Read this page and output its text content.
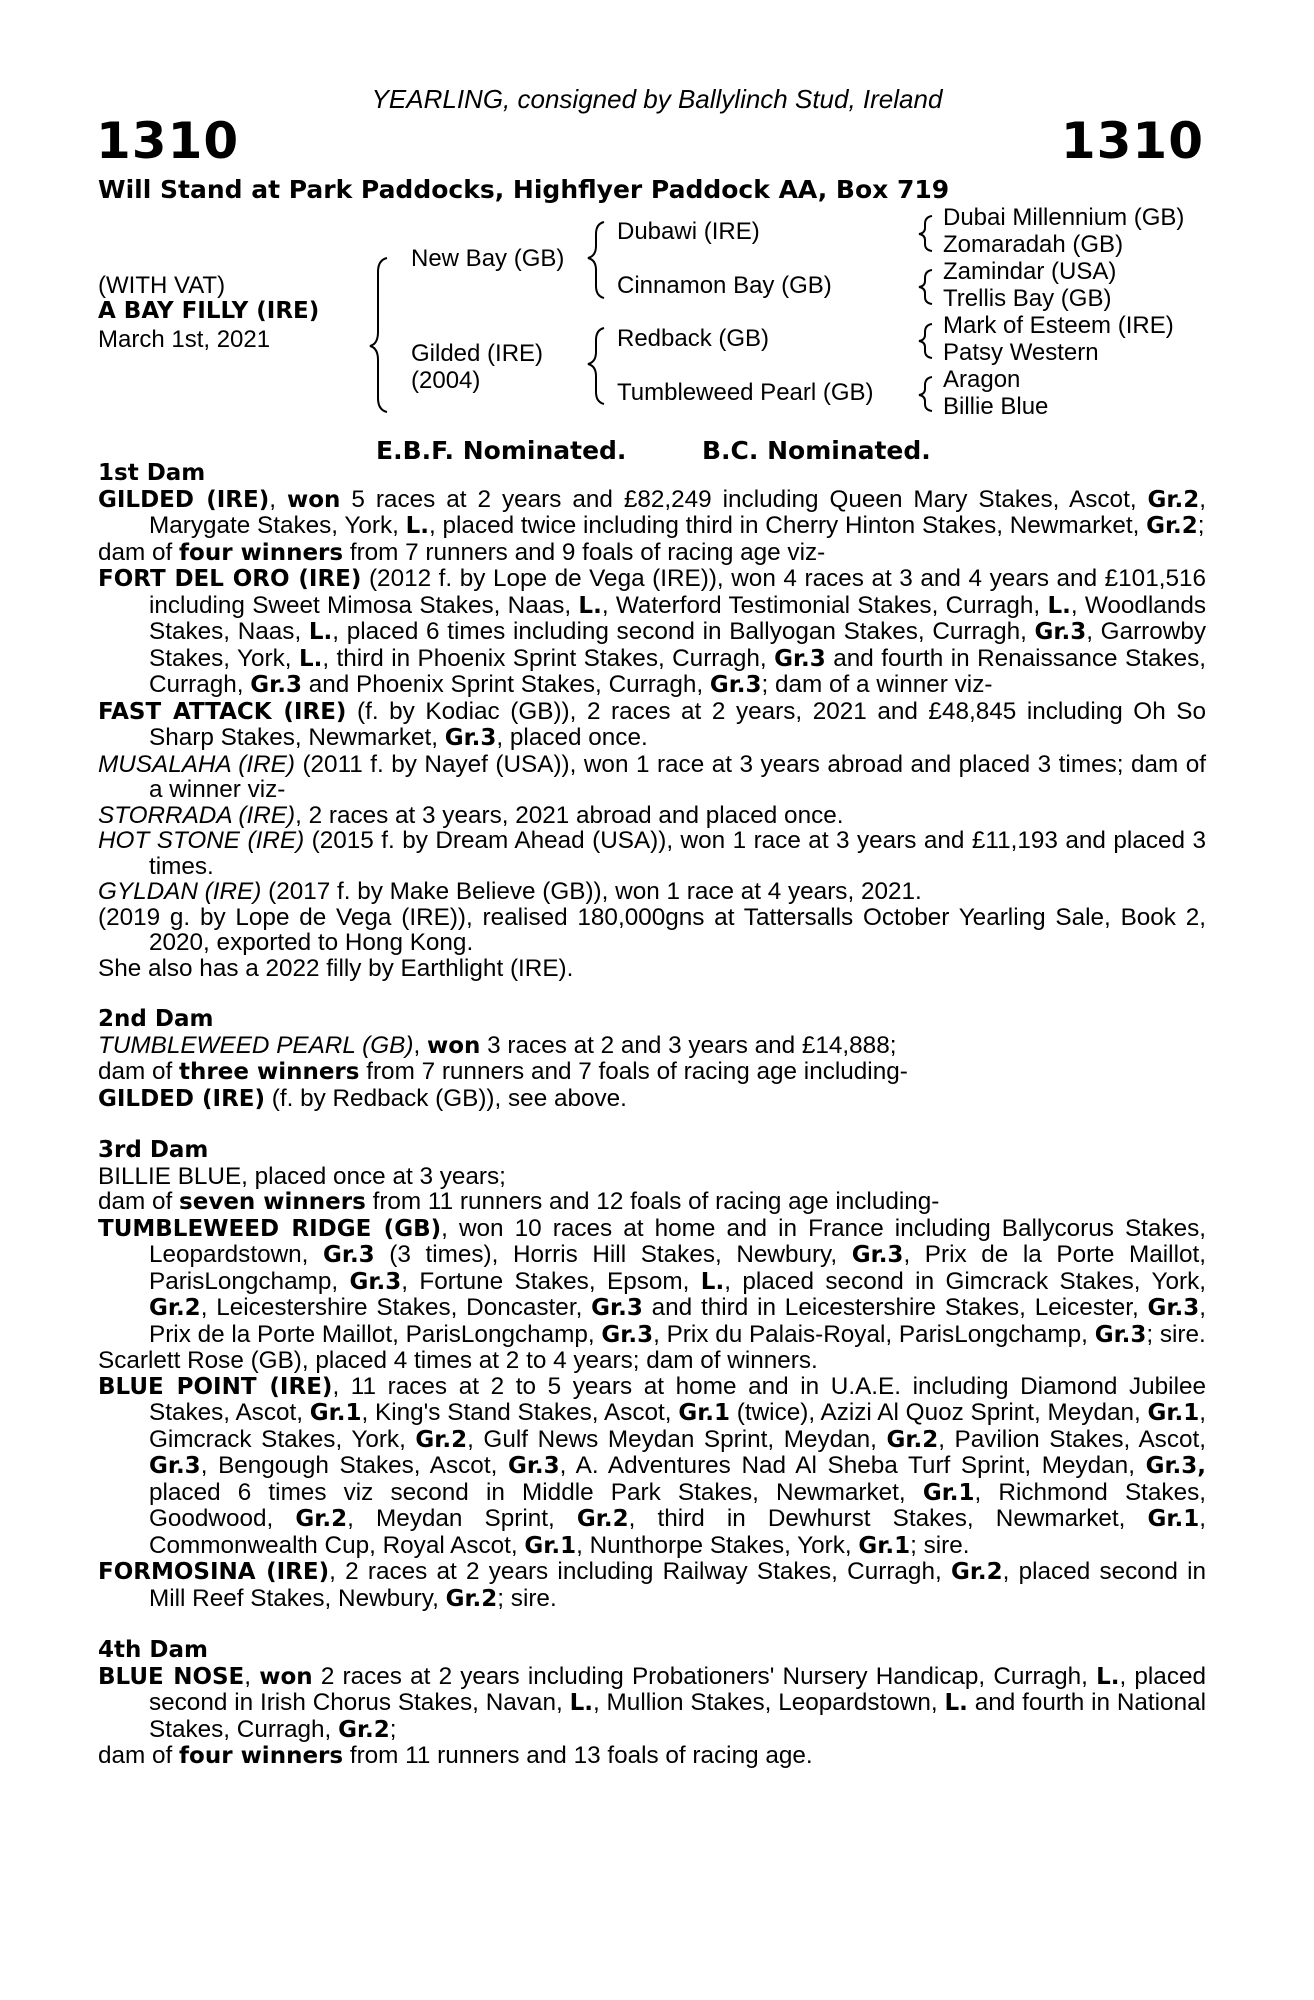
YEARLING, consigned by Ballylinch Stud, Ireland
1310	1310
Will Stand at Park Paddocks, Highflyer Paddock AA, Box 719
(WITH VAT)
A BAY FILLY (IRE)
March 1st, 2021
New Bay (GB)
Gilded (IRE)
(2004)
Dubawi (IRE)
Cinnamon Bay (GB)
Redback (GB)
Tumbleweed Pearl (GB)
Dubai Millennium (GB)
Zomaradah (GB)
Zamindar (USA)
Trellis Bay (GB)
Mark of Esteem (IRE)
Patsy Western
Aragon
Billie Blue
E.B.F. Nominated.	B.C. Nominated.

1st Dam

GILDED (IRE), won 5 races at 2 years and £82,249 including Queen Mary Stakes, Ascot, Gr.2, Marygate Stakes, York, L., placed twice including third in Cherry Hinton Stakes, Newmarket, Gr.2;

dam of four winners from 7 runners and 9 foals of racing age viz-

FORT DEL ORO (IRE) (2012 f. by Lope de Vega (IRE)), won 4 races at 3 and 4 years and £101,516 including Sweet Mimosa Stakes, Naas, L., Waterford Testimonial Stakes, Curragh, L., Woodlands Stakes, Naas, L., placed 6 times including second in Ballyogan Stakes, Curragh, Gr.3, Garrowby Stakes, York, L., third in Phoenix Sprint Stakes, Curragh, Gr.3 and fourth in Renaissance Stakes, Curragh, Gr.3 and Phoenix Sprint Stakes, Curragh, Gr.3; dam of a winner viz-

FAST ATTACK (IRE) (f. by Kodiac (GB)), 2 races at 2 years, 2021 and £48,845 including Oh So Sharp Stakes, Newmarket, Gr.3, placed once.

MUSALAHA (IRE) (2011 f. by Nayef (USA)), won 1 race at 3 years abroad and placed 3 times; dam of a winner viz-

STORRADA (IRE), 2 races at 3 years, 2021 abroad and placed once.

HOT STONE (IRE) (2015 f. by Dream Ahead (USA)), won 1 race at 3 years and £11,193 and placed 3 times.

GYLDAN (IRE) (2017 f. by Make Believe (GB)), won 1 race at 4 years, 2021.

(2019 g. by Lope de Vega (IRE)), realised 180,000gns at Tattersalls October Yearling Sale, Book 2, 2020, exported to Hong Kong.

She also has a 2022 filly by Earthlight (IRE).

2nd Dam

TUMBLEWEED PEARL (GB), won 3 races at 2 and 3 years and £14,888;

dam of three winners from 7 runners and 7 foals of racing age including-

GILDED (IRE) (f. by Redback (GB)), see above.

3rd Dam

BILLIE BLUE, placed once at 3 years;

dam of seven winners from 11 runners and 12 foals of racing age including-

TUMBLEWEED RIDGE (GB), won 10 races at home and in France including Ballycorus Stakes, Leopardstown, Gr.3 (3 times), Horris Hill Stakes, Newbury, Gr.3, Prix de la Porte Maillot, ParisLongchamp, Gr.3, Fortune Stakes, Epsom, L., placed second in Gimcrack Stakes, York, Gr.2, Leicestershire Stakes, Doncaster, Gr.3 and third in Leicestershire Stakes, Leicester, Gr.3, Prix de la Porte Maillot, ParisLongchamp, Gr.3, Prix du Palais-Royal, ParisLongchamp, Gr.3; sire.

Scarlett Rose (GB), placed 4 times at 2 to 4 years; dam of winners.

BLUE POINT (IRE), 11 races at 2 to 5 years at home and in U.A.E. including Diamond Jubilee Stakes, Ascot, Gr.1, King's Stand Stakes, Ascot, Gr.1 (twice), Azizi Al Quoz Sprint, Meydan, Gr.1, Gimcrack Stakes, York, Gr.2, Gulf News Meydan Sprint, Meydan, Gr.2, Pavilion Stakes, Ascot, Gr.3, Bengough Stakes, Ascot, Gr.3, A. Adventures Nad Al Sheba Turf Sprint, Meydan, Gr.3, placed 6 times viz second in Middle Park Stakes, Newmarket, Gr.1, Richmond Stakes, Goodwood, Gr.2, Meydan Sprint, Gr.2, third in Dewhurst Stakes, Newmarket, Gr.1, Commonwealth Cup, Royal Ascot, Gr.1, Nunthorpe Stakes, York, Gr.1; sire.

FORMOSINA (IRE), 2 races at 2 years including Railway Stakes, Curragh, Gr.2, placed second in Mill Reef Stakes, Newbury, Gr.2; sire.

4th Dam

BLUE NOSE, won 2 races at 2 years including Probationers' Nursery Handicap, Curragh, L., placed second in Irish Chorus Stakes, Navan, L., Mullion Stakes, Leopardstown, L. and fourth in National Stakes, Curragh, Gr.2;

dam of four winners from 11 runners and 13 foals of racing age.
